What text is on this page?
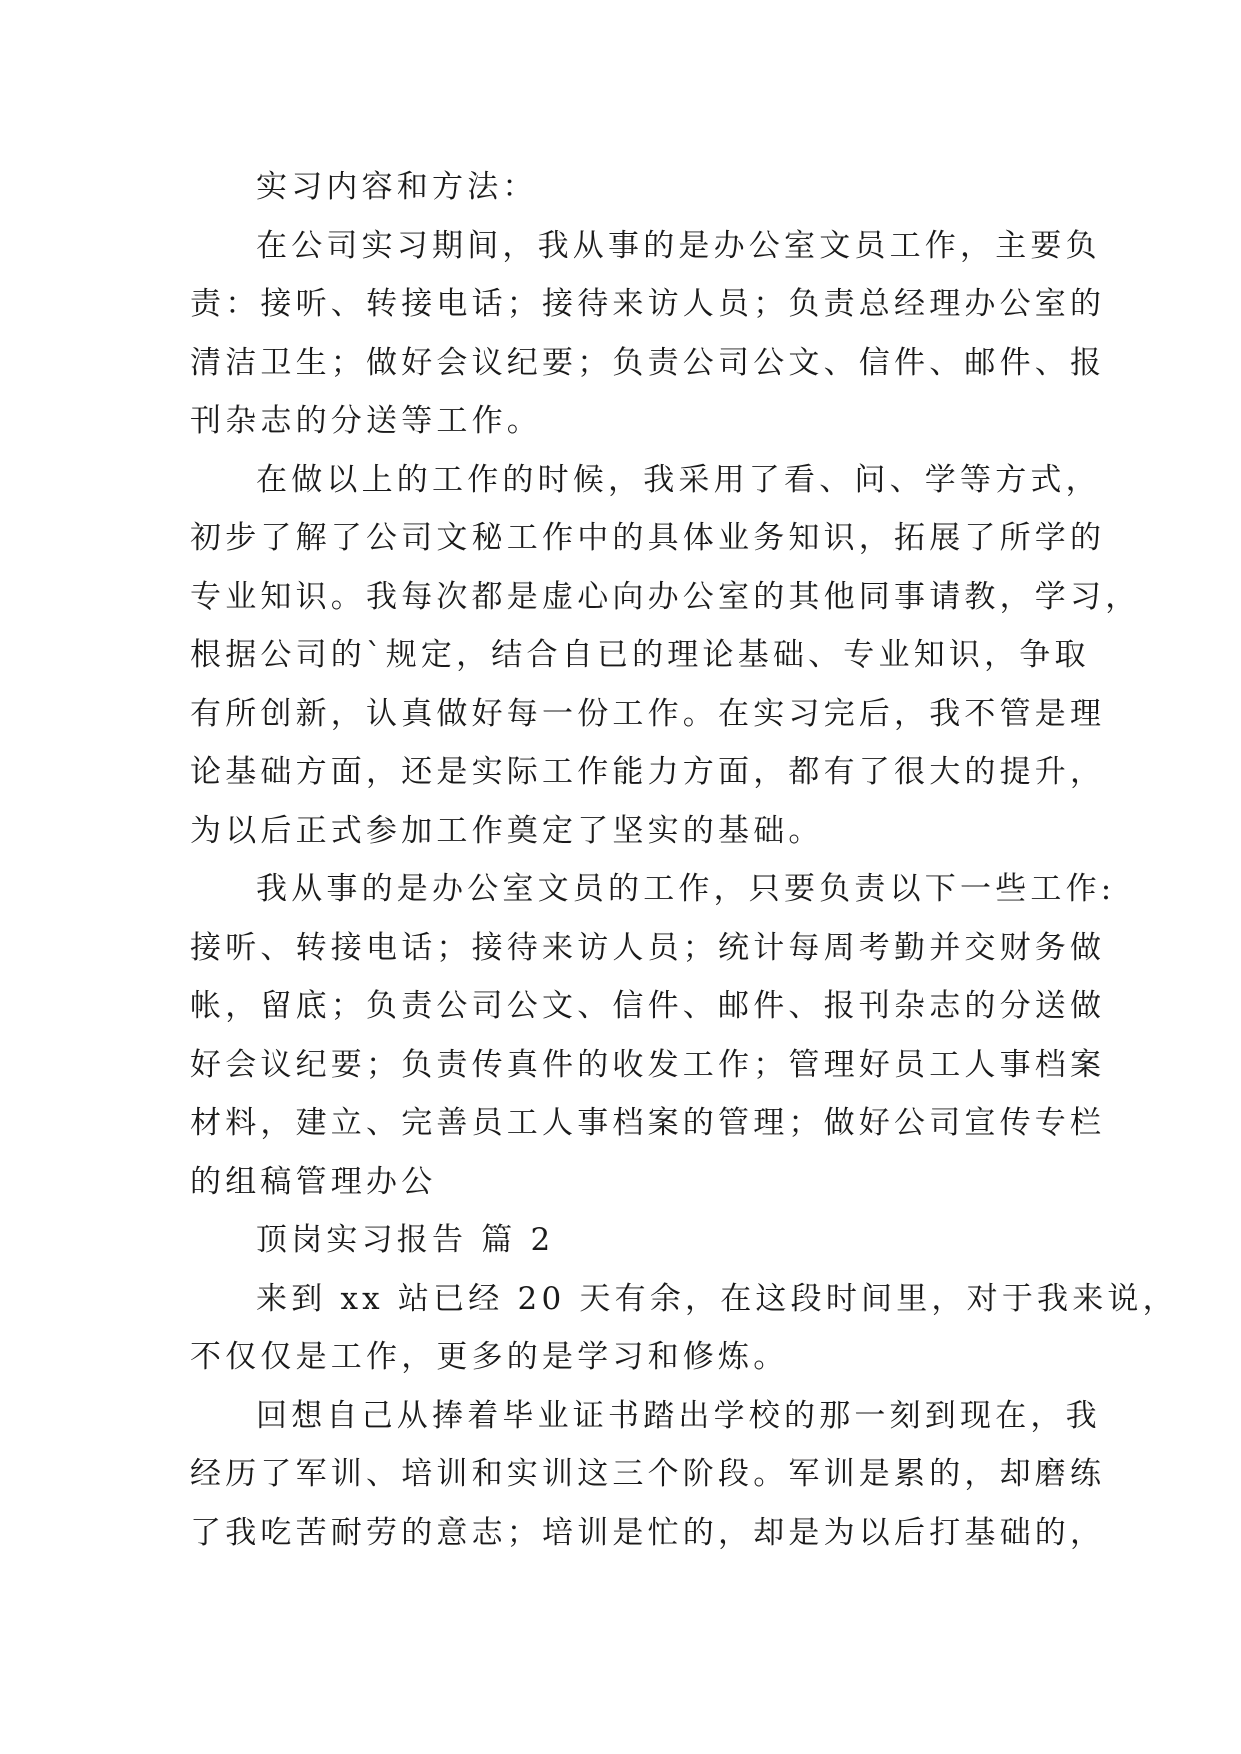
实习内容和方法：
在公司实习期间，我从事的是办公室文员工作，主要负
责：接听、转接电话；接待来访人员；负责总经理办公室的
清洁卫生；做好会议纪要；负责公司公文、信件、邮件、报
刊杂志的分送等工作。
在做以上的工作的时候，我采用了看、问、学等方式，
初步了解了公司文秘工作中的具体业务知识，拓展了所学的
专业知识。我每次都是虚心向办公室的其他同事请教，学习，
根据公司的`规定，结合自已的理论基础、专业知识，争取
有所创新，认真做好每一份工作。在实习完后，我不管是理
论基础方面，还是实际工作能力方面，都有了很大的提升，
为以后正式参加工作奠定了坚实的基础。
我从事的是办公室文员的工作，只要负责以下一些工作:
接听、转接电话；接待来访人员；统计每周考勤并交财务做
帐，留底；负责公司公文、信件、邮件、报刊杂志的分送做
好会议纪要；负责传真件的收发工作；管理好员工人事档案
材料，建立、完善员工人事档案的管理；做好公司宣传专栏
的组稿管理办公
顶岗实习报告 篇 2
来到 xx 站已经 20 天有余，在这段时间里，对于我来说，
不仅仅是工作，更多的是学习和修炼。
回想自己从捧着毕业证书踏出学校的那一刻到现在，我
经历了军训、培训和实训这三个阶段。军训是累的，却磨练
了我吃苦耐劳的意志；培训是忙的，却是为以后打基础的，
